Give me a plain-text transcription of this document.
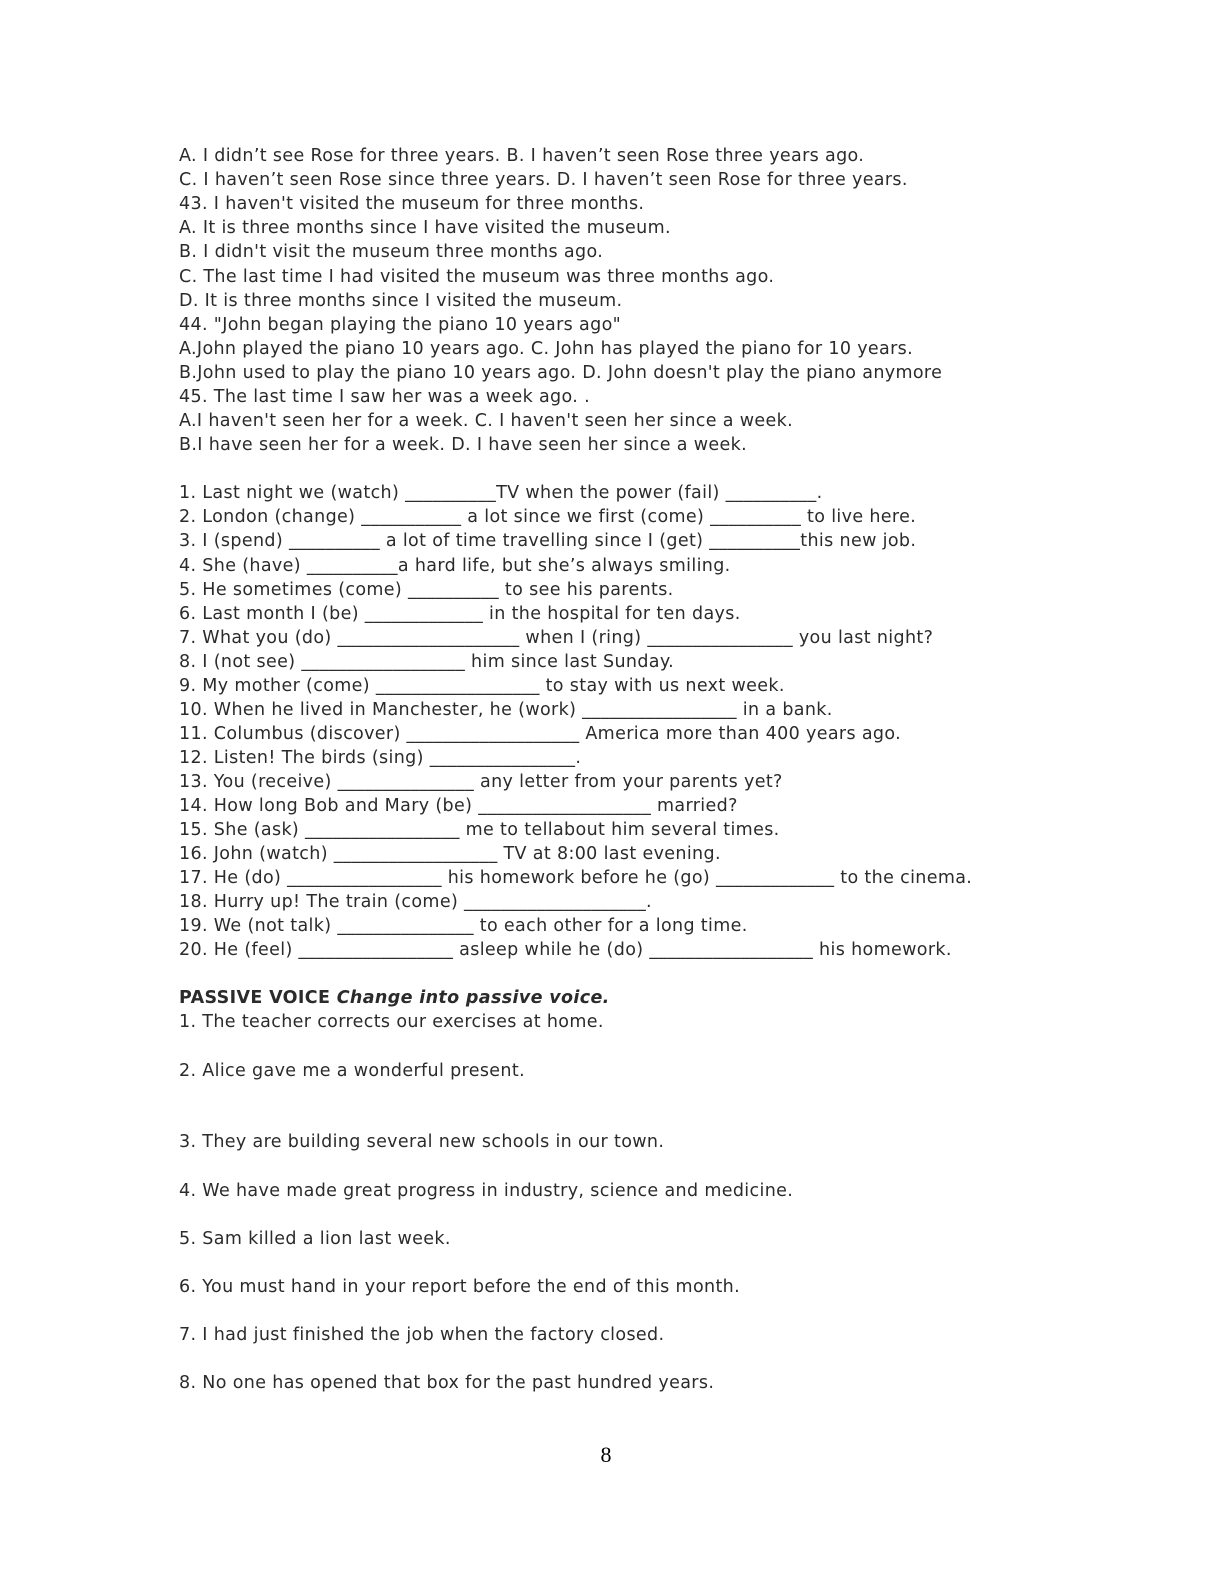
A. I didn’t see Rose for three years. B. I haven’t seen Rose three years ago.

C. I haven’t seen Rose since three years. D. I haven’t seen Rose for three years.

43. I haven't visited the museum for three months.

A. It is three months since I have visited the museum.

B. I didn't visit the museum three months ago.

C. The last time I had visited the museum was three months ago.

D. It is three months since I visited the museum.

44. "John began playing the piano 10 years ago"

A.John played the piano 10 years ago. C. John has played the piano for 10 years.

B.John used to play the piano 10 years ago. D. John doesn't play the piano anymore

45. The last time I saw her was a week ago. .

A.I haven't seen her for a week. C. I haven't seen her since a week.

B.I have seen her for a week. D. I have seen her since a week.

1. Last night we (watch) __________TV when the power (fail) __________.

2. London (change) ___________ a lot since we first (come) __________ to live here.

3. I (spend) __________ a lot of time travelling since I (get) __________this new job.

4. She (have) __________a hard life, but she’s always smiling.

5. He sometimes (come) __________ to see his parents.

6. Last month I (be) _____________ in the hospital for ten days.

7. What you (do) ____________________ when I (ring) ________________ you last night?

8. I (not see) __________________ him since last Sunday.

9. My mother (come) __________________ to stay with us next week.

10. When he lived in Manchester, he (work) _________________ in a bank.

11. Columbus (discover) ___________________ America more than 400 years ago.

12. Listen! The birds (sing) ________________.

13. You (receive) _______________ any letter from your parents yet?

14. How long Bob and Mary (be) ___________________ married?

15. She (ask) _________________ me to tellabout him several times.

16. John (watch) __________________ TV at 8:00 last evening.

17. He (do) _________________ his homework before he (go) _____________ to the cinema.

18. Hurry up! The train (come) ____________________.

19. We (not talk) _______________ to each other for a long time.

20. He (feel) _________________ asleep while he (do) __________________ his homework.

PASSIVE VOICE Change into passive voice.

1. The teacher corrects our exercises at home.

2. Alice gave me a wonderful present.

3. They are building several new schools in our town.

4. We have made great progress in industry, science and medicine.

5. Sam killed a lion last week.

6. You must hand in your report before the end of this month.

7. I had just finished the job when the factory closed.

8. No one has opened that box for the past hundred years.

8
